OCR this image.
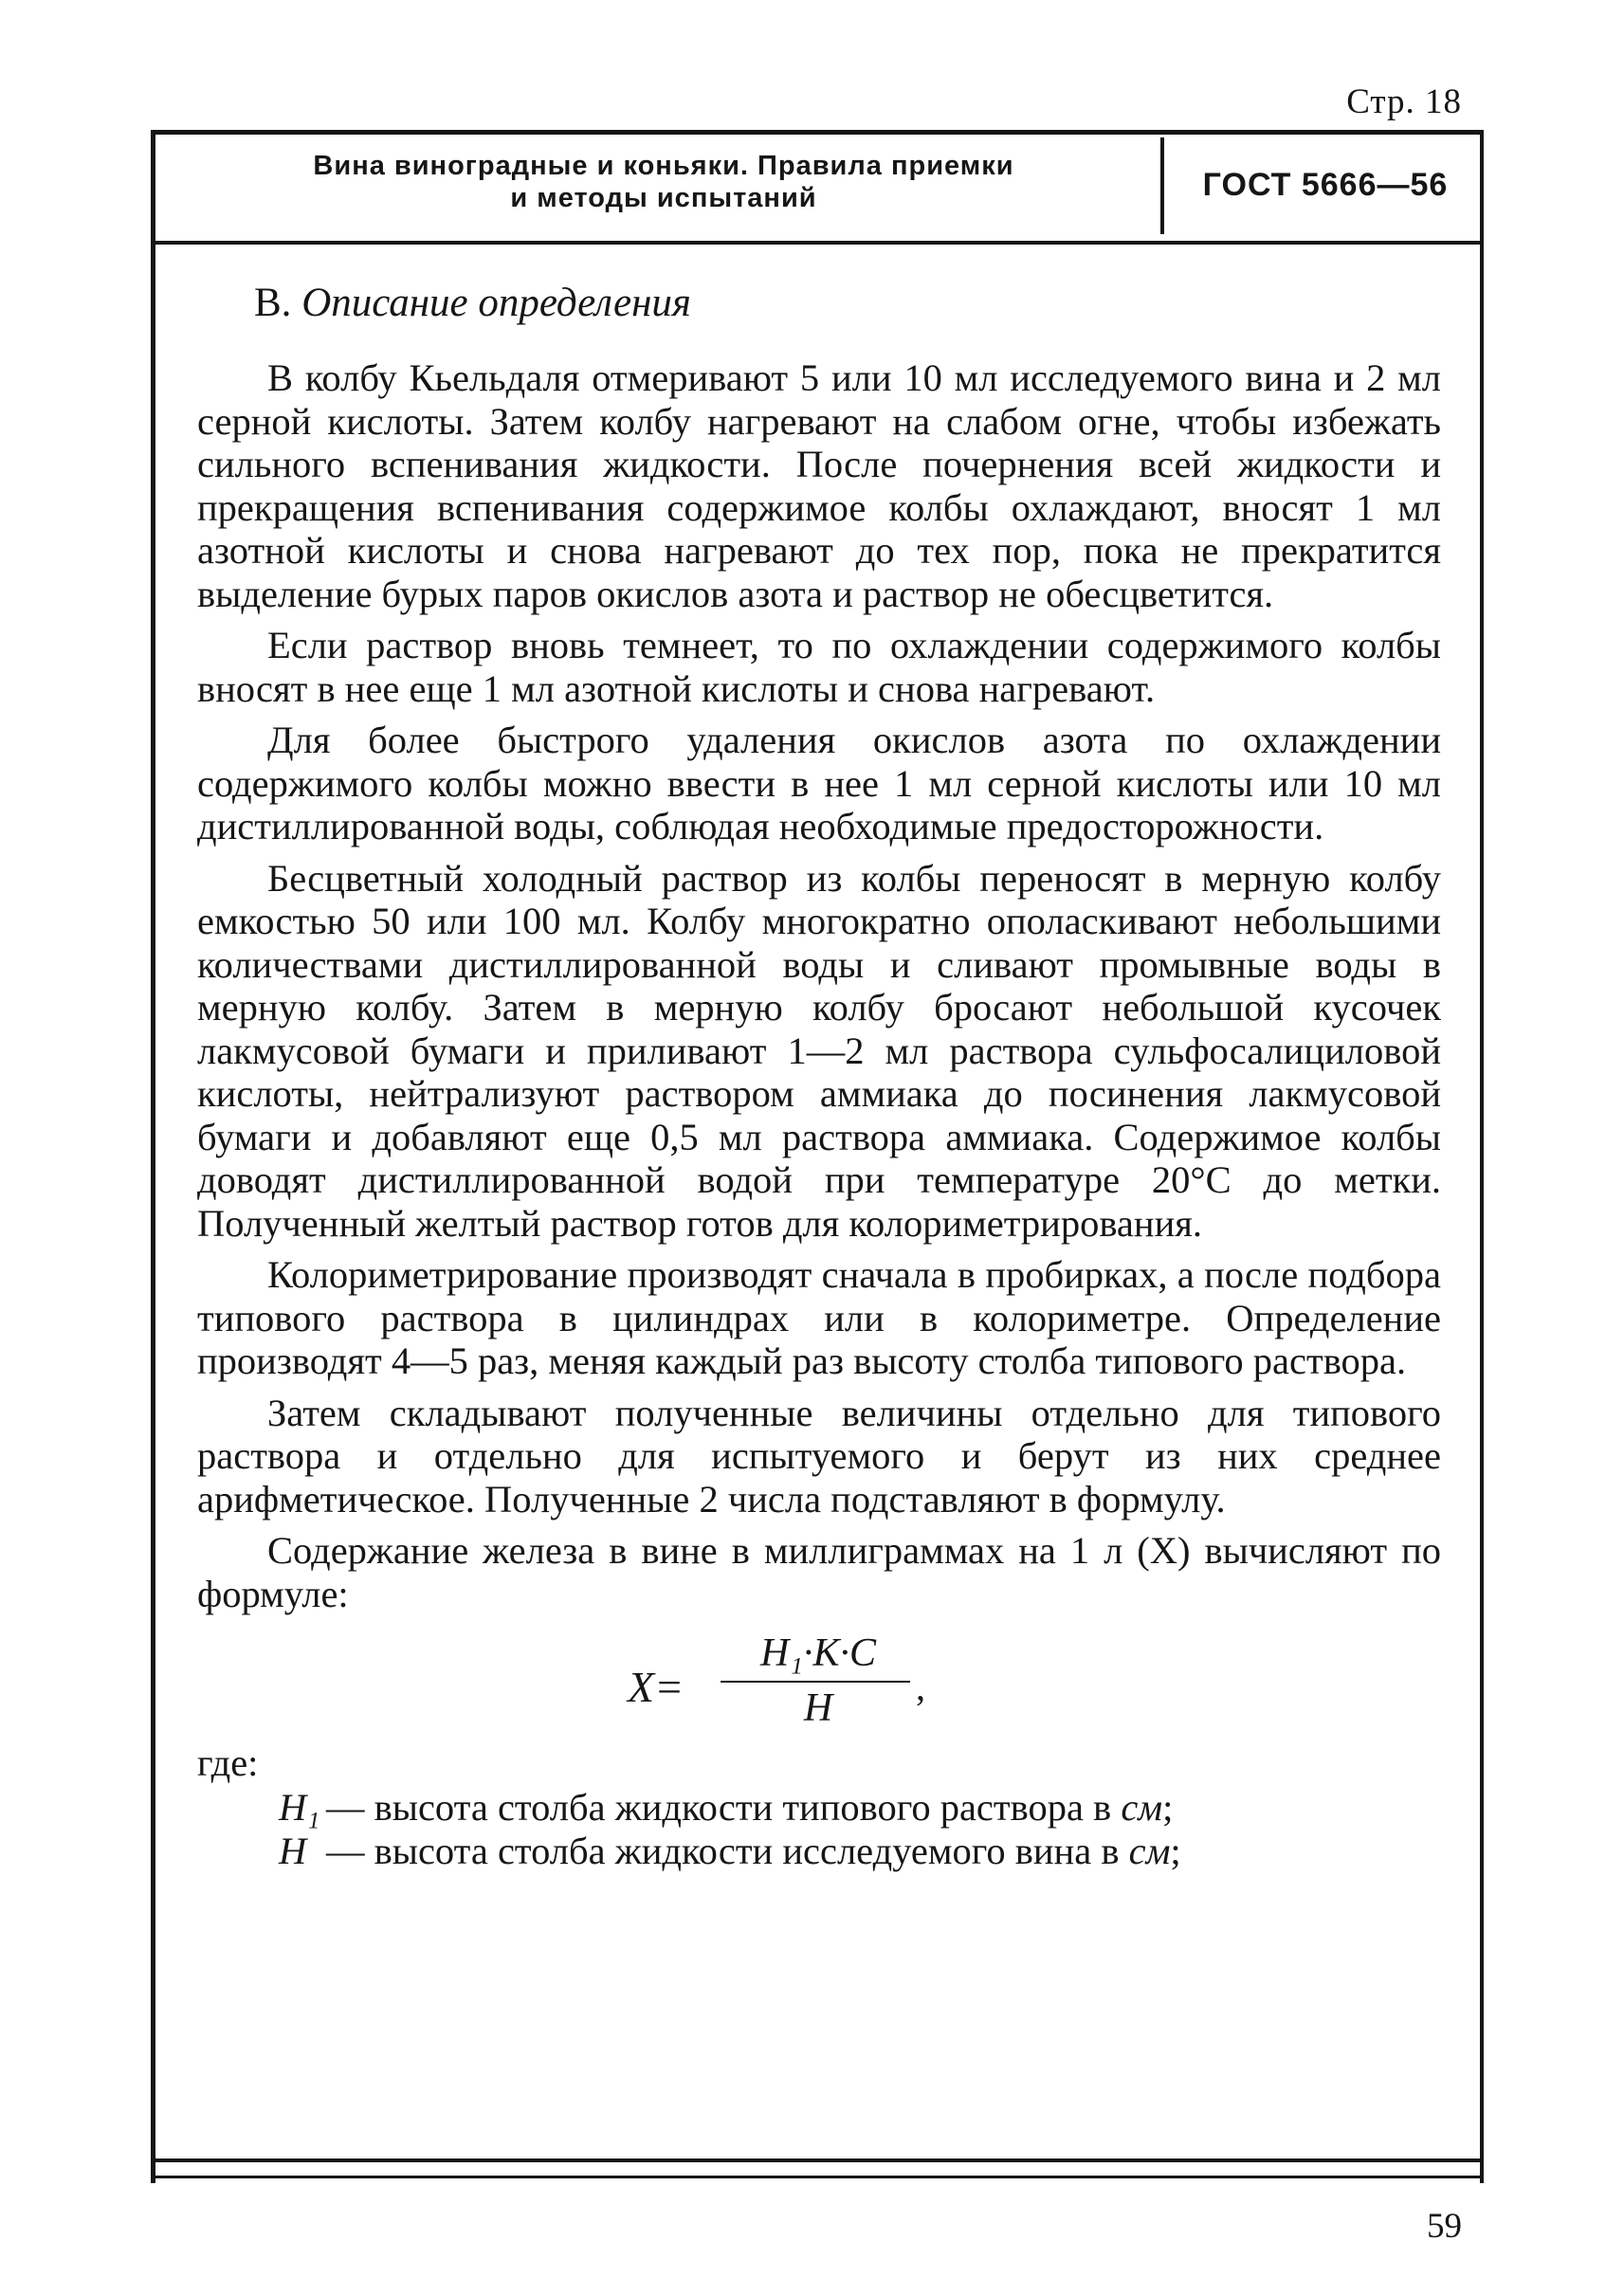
Стр. 18
Вина виноградные и коньяки. Правила приемки
и методы испытаний	ГОСТ 5666—56
В. Описание определения

В колбу Кьельдаля отмеривают 5 или 10 мл исследуемого вина и 2 мл серной кислоты. Затем колбу нагревают на слабом огне, чтобы избежать сильного вспенивания жидкости. После почернения всей жидкости и прекращения вспенивания содержимое колбы охлаждают, вносят 1 мл азотной кислоты и снова нагревают до тех пор, пока не прекратится выделение бурых паров окислов азота и раствор не обесцветится.

Если раствор вновь темнеет, то по охлаждении содержимого колбы вносят в нее еще 1 мл азотной кислоты и снова нагревают.

Для более быстрого удаления окислов азота по охлаждении содержимого колбы можно ввести в нее 1 мл серной кислоты или 10 мл дистиллированной воды, соблюдая необходимые предосторожности.

Бесцветный холодный раствор из колбы переносят в мерную колбу емкостью 50 или 100 мл. Колбу многократно ополаскивают небольшими количествами дистиллированной воды и сливают промывные воды в мерную колбу. Затем в мерную колбу бросают небольшой кусочек лакмусовой бумаги и приливают 1—2 мл раствора сульфосалициловой кислоты, нейтрализуют раствором аммиака до посинения лакмусовой бумаги и добавляют еще 0,5 мл раствора аммиака. Содержимое колбы доводят дистиллированной водой при температуре 20°С до метки. Полученный желтый раствор готов для колориметрирования.

Колориметрирование производят сначала в пробирках, а после подбора типового раствора в цилиндрах или в колориметре. Определение производят 4—5 раз, меняя каждый раз высоту столба типового раствора.

Затем складывают полученные величины отдельно для типового раствора и отдельно для испытуемого и берут из них среднее арифметическое. Полученные 2 числа подставляют в формулу.

Содержание железа в вине в миллиграммах на 1 л (X) вычисляют по формуле:

X=
H₁·K·C
H	,

где:

H₁ — высота столба жидкости типового раствора в см;

H — высота столба жидкости исследуемого вина в см;

59
